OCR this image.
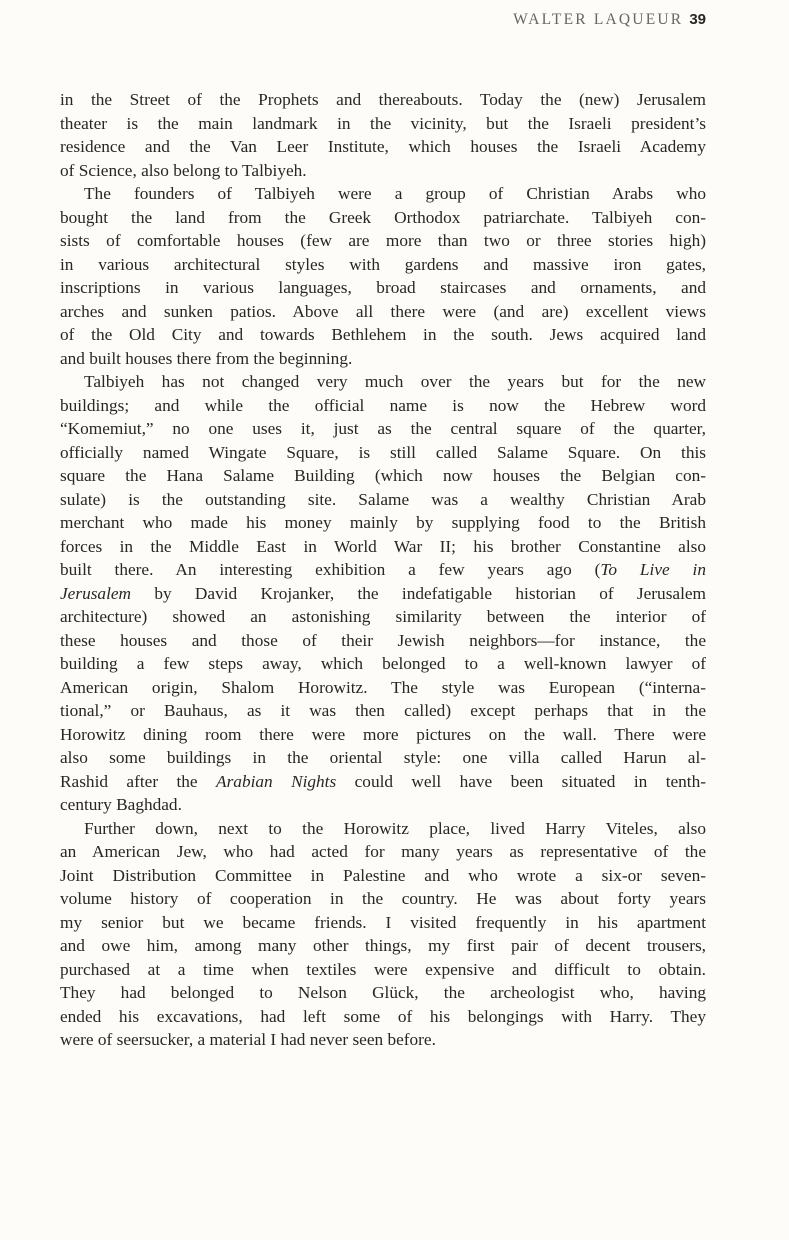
WALTER LAQUEUR 39
in the Street of the Prophets and thereabouts. Today the (new) Jerusalem
theater is the main landmark in the vicinity, but the Israeli president’s
residence and the Van Leer Institute, which houses the Israeli Academy
of Science, also belong to Talbiyeh.
The founders of Talbiyeh were a group of Christian Arabs who
bought the land from the Greek Orthodox patriarchate. Talbiyeh con-
sists of comfortable houses (few are more than two or three stories high)
in various architectural styles with gardens and massive iron gates,
inscriptions in various languages, broad staircases and ornaments, and
arches and sunken patios. Above all there were (and are) excellent views
of the Old City and towards Bethlehem in the south. Jews acquired land
and built houses there from the beginning.
Talbiyeh has not changed very much over the years but for the new
buildings; and while the official name is now the Hebrew word
“Komemiut,” no one uses it, just as the central square of the quarter,
officially named Wingate Square, is still called Salame Square. On this
square the Hana Salame Building (which now houses the Belgian con-
sulate) is the outstanding site. Salame was a wealthy Christian Arab
merchant who made his money mainly by supplying food to the British
forces in the Middle East in World War II; his brother Constantine also
built there. An interesting exhibition a few years ago (To Live in
Jerusalem by David Krojanker, the indefatigable historian of Jerusalem
architecture) showed an astonishing similarity between the interior of
these houses and those of their Jewish neighbors—for instance, the
building a few steps away, which belonged to a well-known lawyer of
American origin, Shalom Horowitz. The style was European (“interna-
tional,” or Bauhaus, as it was then called) except perhaps that in the
Horowitz dining room there were more pictures on the wall. There were
also some buildings in the oriental style: one villa called Harun al-
Rashid after the Arabian Nights could well have been situated in tenth-
century Baghdad.
Further down, next to the Horowitz place, lived Harry Viteles, also
an American Jew, who had acted for many years as representative of the
Joint Distribution Committee in Palestine and who wrote a six-or seven-
volume history of cooperation in the country. He was about forty years
my senior but we became friends. I visited frequently in his apartment
and owe him, among many other things, my first pair of decent trousers,
purchased at a time when textiles were expensive and difficult to obtain.
They had belonged to Nelson Glück, the archeologist who, having
ended his excavations, had left some of his belongings with Harry. They
were of seersucker, a material I had never seen before.
